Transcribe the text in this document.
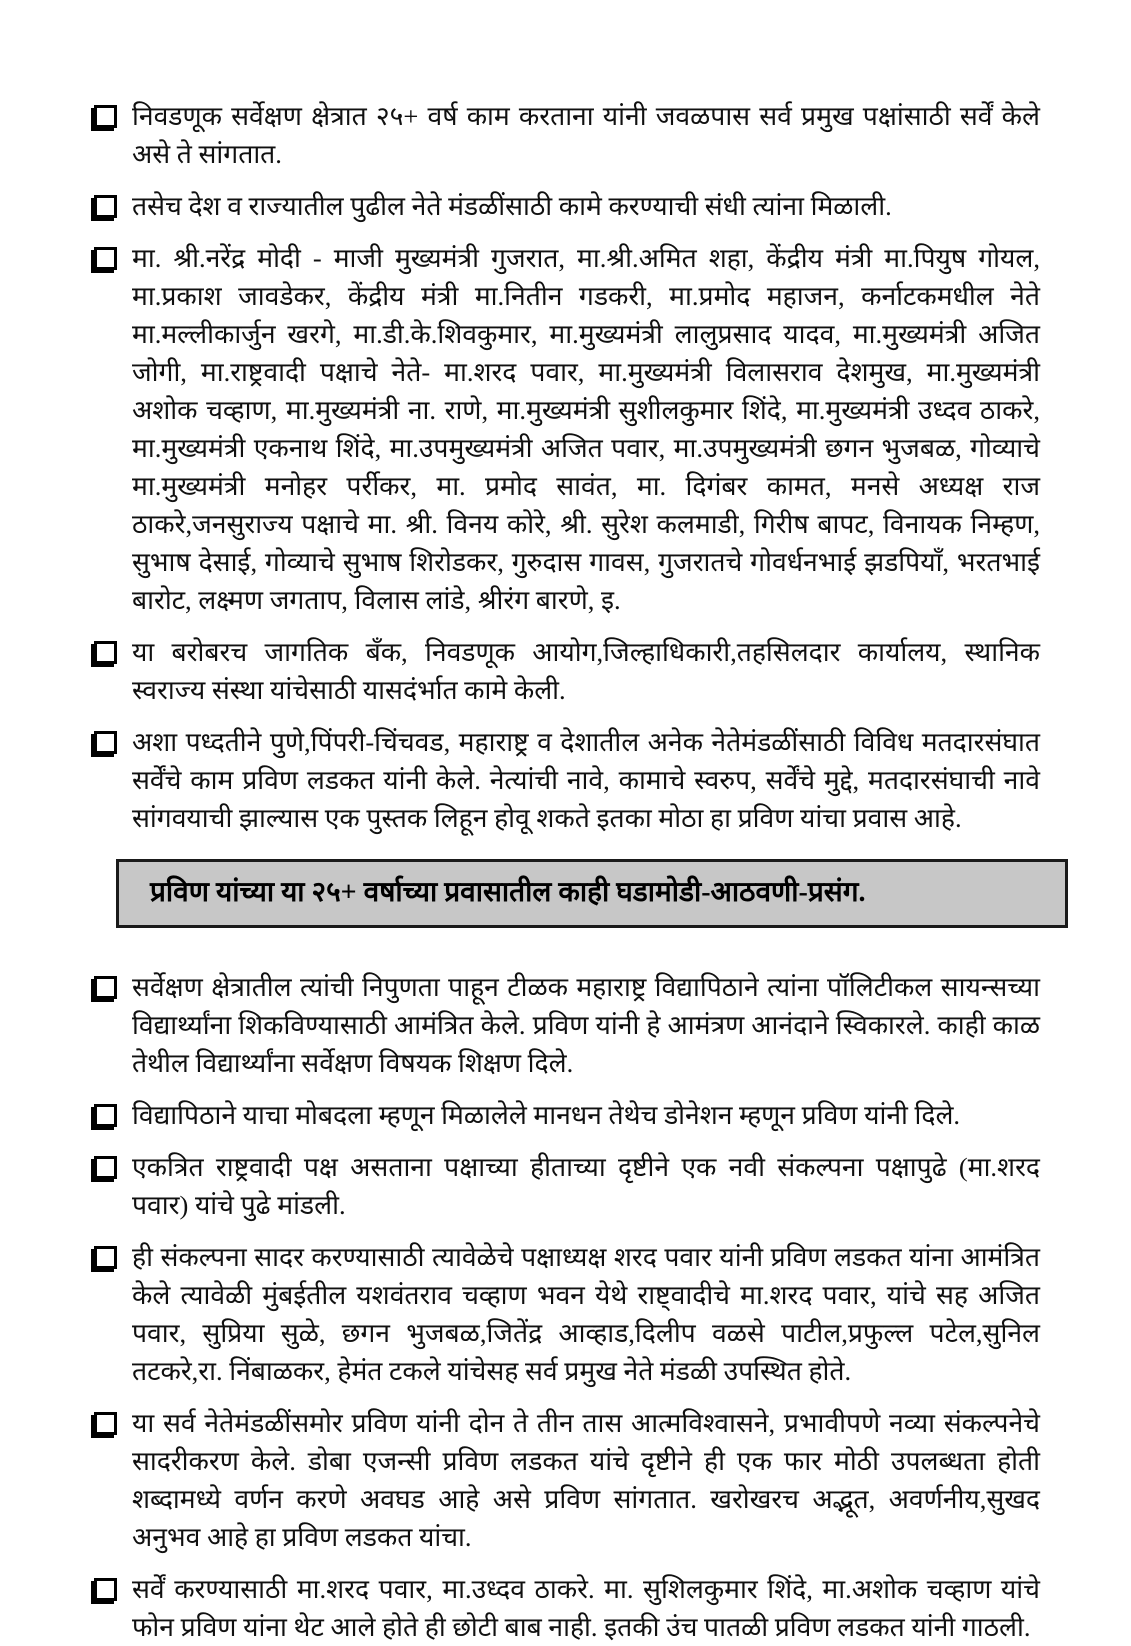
निवडणूक सर्वेक्षण क्षेत्रात २५+ वर्ष काम करताना यांनी जवळपास सर्व प्रमुख पक्षांसाठी सर्वें केले असे ते सांगतात.
तसेच देश व राज्यातील पुढील नेते मंडळींसाठी कामे करण्याची संधी त्यांना मिळाली.
मा. श्री.नरेंद्र मोदी - माजी मुख्यमंत्री गुजरात, मा.श्री.अमित शहा, केंद्रीय मंत्री मा.पियुष गोयल, मा.प्रकाश जावडेकर, केंद्रीय मंत्री मा.नितीन गडकरी, मा.प्रमोद महाजन, कर्नाटकमधील नेते मा.मल्लीकार्जुन खरगे, मा.डी.के.शिवकुमार, मा.मुख्यमंत्री लालुप्रसाद यादव, मा.मुख्यमंत्री अजित जोगी, मा.राष्ट्रवादी पक्षाचे नेते- मा.शरद पवार, मा.मुख्यमंत्री विलासराव देशमुख, मा.मुख्यमंत्री अशोक चव्हाण, मा.मुख्यमंत्री ना. राणे, मा.मुख्यमंत्री सुशीलकुमार शिंदे, मा.मुख्यमंत्री उध्दव ठाकरे, मा.मुख्यमंत्री एकनाथ शिंदे, मा.उपमुख्यमंत्री अजित पवार, मा.उपमुख्यमंत्री छगन भुजबळ, गोव्याचे मा.मुख्यमंत्री मनोहर पर्रीकर, मा. प्रमोद सावंत, मा. दिगंबर कामत, मनसे अध्यक्ष राज ठाकरे,जनसुराज्य पक्षाचे मा. श्री. विनय कोरे, श्री. सुरेश कलमाडी, गिरीष बापट, विनायक निम्हण, सुभाष देसाई, गोव्याचे सुभाष शिरोडकर, गुरुदास गावस, गुजरातचे गोवर्धनभाई झडपियाँ, भरतभाई बारोट, लक्ष्मण जगताप, विलास लांडे, श्रीरंग बारणे, इ.
या बरोबरच जागतिक बँक, निवडणूक आयोग,जिल्हाधिकारी,तहसिलदार कार्यालय, स्थानिक स्वराज्य संस्था यांचेसाठी यासदंर्भात कामे केली.
अशा पध्दतीने पुणे,पिंपरी-चिंचवड, महाराष्ट्र व देशातील अनेक नेतेमंडळींसाठी विविध मतदारसंघात सर्वेंचे काम प्रविण लडकत यांनी केले. नेत्यांची नावे, कामाचे स्वरुप, सर्वेंचे मुद्दे, मतदारसंघाची नावे सांगवयाची झाल्यास एक पुस्तक लिहून होवू शकते इतका मोठा हा प्रविण यांचा प्रवास आहे.
प्रविण यांच्या या २५+ वर्षाच्या प्रवासातील काही घडामोडी-आठवणी-प्रसंग.
सर्वेक्षण क्षेत्रातील त्यांची निपुणता पाहून टीळक महाराष्ट्र विद्यापिठाने त्यांना पॉलिटीकल सायन्सच्या विद्यार्थ्यांना शिकविण्यासाठी आमंत्रित केले. प्रविण यांनी हे आमंत्रण आनंदाने स्विकारले. काही काळ तेथील विद्यार्थ्यांना सर्वेक्षण विषयक शिक्षण दिले.
विद्यापिठाने याचा मोबदला म्हणून मिळालेले मानधन तेथेच डोनेशन म्हणून प्रविण यांनी दिले.
एकत्रित राष्ट्रवादी पक्ष असताना पक्षाच्या हीताच्या दृष्टीने एक नवी संकल्पना पक्षापुढे (मा.शरद पवार) यांचे पुढे मांडली.
ही संकल्पना सादर करण्यासाठी त्यावेळेचे पक्षाध्यक्ष शरद पवार यांनी प्रविण लडकत यांना आमंत्रित केले त्यावेळी मुंबईतील यशवंतराव चव्हाण भवन येथे राष्ट्वादीचे मा.शरद पवार, यांचे सह अजित पवार, सुप्रिया सुळे, छगन भुजबळ,जितेंद्र आव्हाड,दिलीप वळसे पाटील,प्रफुल्ल पटेल,सुनिल तटकरे,रा. निंबाळकर, हेमंत टकले यांचेसह सर्व प्रमुख नेते मंडळी उपस्थित होते.
या सर्व नेतेमंडळींसमोर प्रविण यांनी दोन ते तीन तास आत्मविश्वासने, प्रभावीपणे नव्या संकल्पनेचे सादरीकरण केले. डोबा एजन्सी प्रविण लडकत यांचे दृष्टीने ही एक फार मोठी उपलब्धता होती शब्दामध्ये वर्णन करणे अवघड आहे असे प्रविण सांगतात. खरोखरच अद्भूत, अवर्णनीय,सुखद अनुभव आहे हा प्रविण लडकत यांचा.
सर्वें करण्यासाठी मा.शरद पवार, मा.उध्दव ठाकरे. मा. सुशिलकुमार शिंदे, मा.अशोक चव्हाण यांचे फोन प्रविण यांना थेट आले होते ही छोटी बाब नाही. इतकी उंच पातळी प्रविण लडकत यांनी गाठली.
